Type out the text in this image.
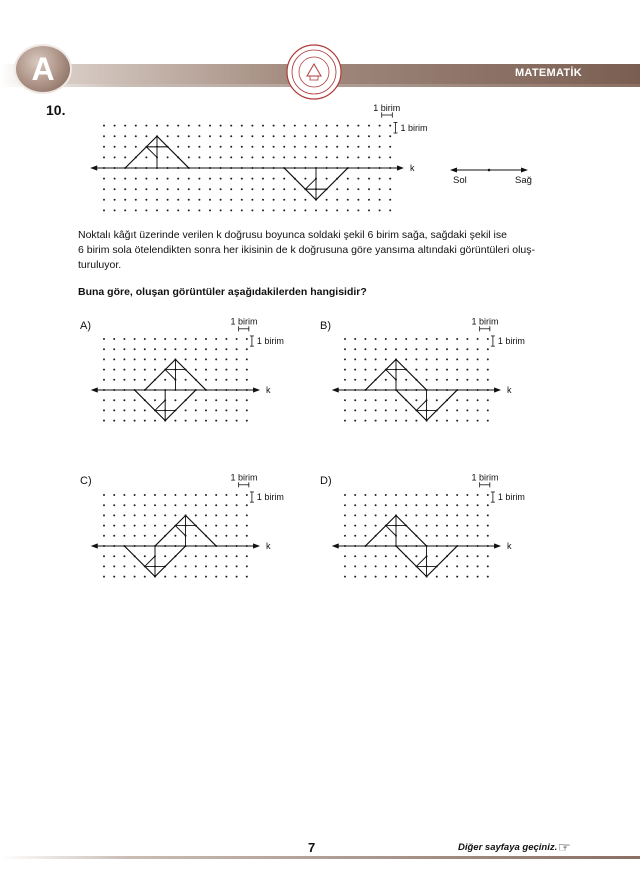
A	MATEMATİK
10.
k
1 birim
1 birim
Sol	Sağ

Noktalı kâğıt üzerinde verilen k doğrusu boyunca soldaki şekil 6 birim sağa, sağdaki şekil ise

6 birim sola ötelendikten sonra her ikisinin de k doğrusuna göre yansıma altındaki görüntüleri oluş-

turuluyor.

Buna göre, oluşan görüntüler aşağıdakilerden hangisidir?
A)	B)
C)	D)
k
1 birim
1 birim
k
1 birim
1 birim
k
1 birim
1 birim
k
1 birim
1 birim
7	Diğer sayfaya geçiniz. ☞
